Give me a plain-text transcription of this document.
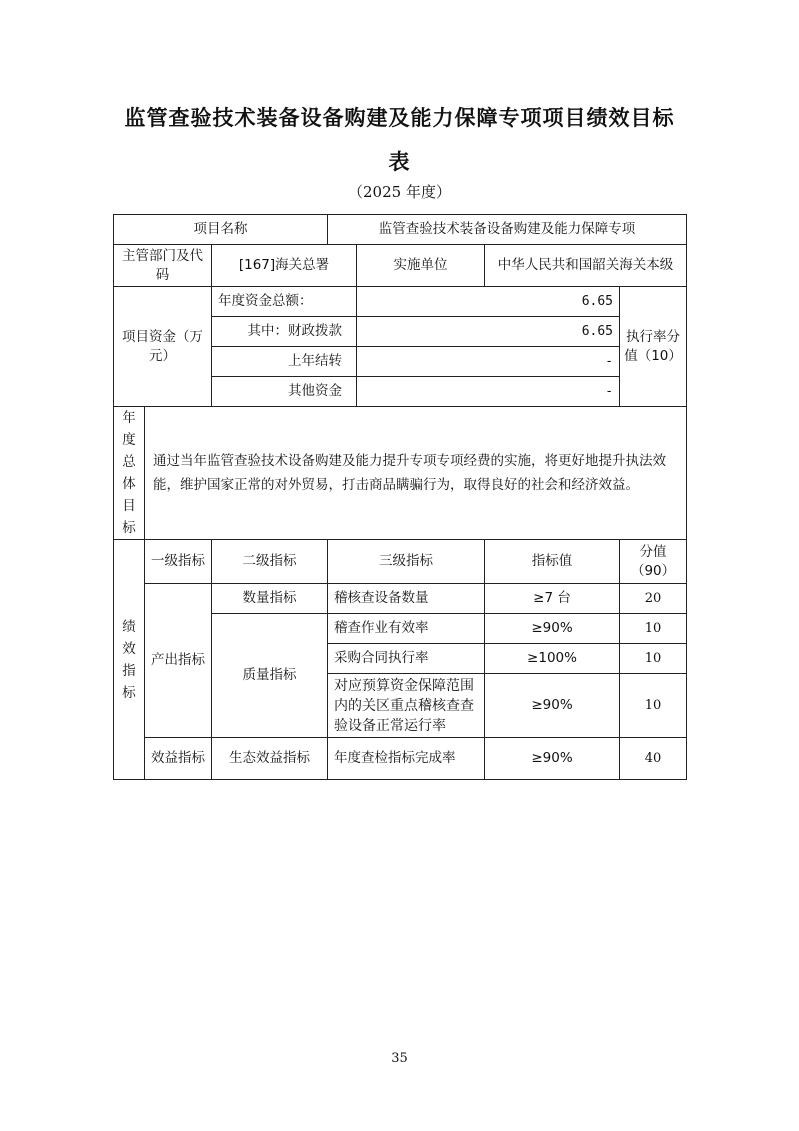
监管查验技术装备设备购建及能力保障专项项目绩效目标
表
（2025 年度）
项目名称			监管查验技术装备设备购建及能力保障专项			
主管部门及代码		[167]海关总署		实施单位	中华人民共和国韶关海关本级	
项目资金（万元）		年度资金总额：		6.65		执行率分值（10）
		其中：财政拨款		6.65		
		上年结转		-		
		其他资金		-		
年度总体目标	通过当年监管查验技术设备购建及能力提升专项专项经费的实施，将更好地提升执法效能，维护国家正常的对外贸易，打击商品瞒骗行为，取得良好的社会和经济效益。					
绩效指标	一级指标	二级指标	三级指标		指标值	分值（90）
	产出指标	数量指标	稽核查设备数量		≥7 台	20
		质量指标	稽查作业有效率		≥90%	10
			采购合同执行率		≥100%	10
			对应预算资金保障范围内的关区重点稽核查查验设备正常运行率		≥90%	10
	效益指标	生态效益指标	年度查检指标完成率		≥90%	40
35
